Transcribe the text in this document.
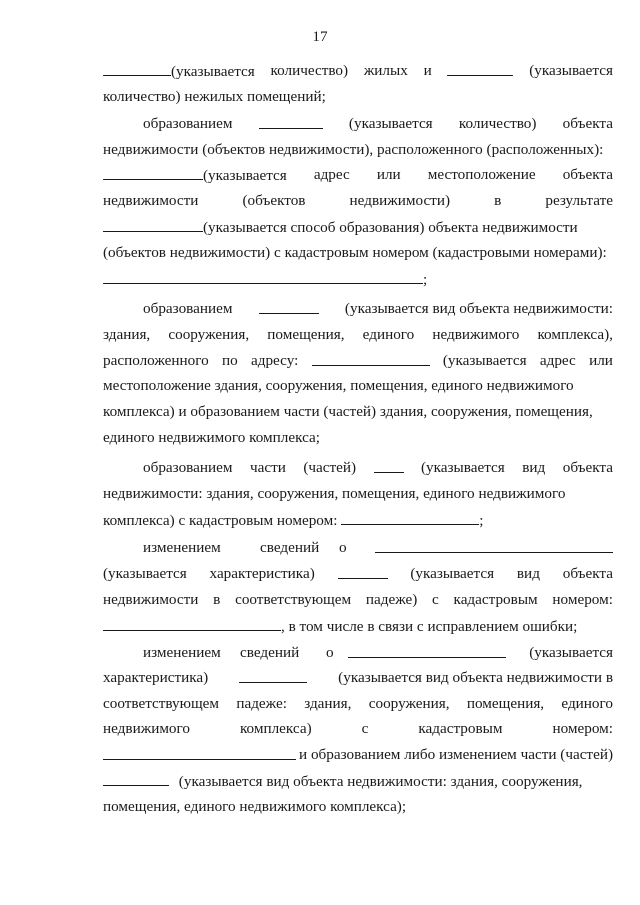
17
(указывается количество) жилых и	(указывается
количество) нежилых помещений;
образованием	(указывается количество) объекта
недвижимости (объектов недвижимости), расположенного (расположенных):
(указывается адрес или местоположение объекта
недвижимости	(объектов	недвижимости)	в	результате
(указывается способ образования) объекта недвижимости
(объектов недвижимости) с кадастровым номером (кадастровыми номерами):
;
образованием	(указывается вид объекта недвижимости:
здания, сооружения, помещения, единого недвижимого комплекса),
расположенного по адресу:	(указывается адрес или
местоположение здания, сооружения, помещения, единого недвижимого
комплекса) и образованием части (частей) здания, сооружения, помещения,
единого недвижимого комплекса;
образованием части (частей)	(указывается вид объекта
недвижимости: здания, сооружения, помещения, единого недвижимого
комплекса) с кадастровым номером:	;
изменением	сведений о
(указывается характеристика)	(указывается вид объекта
недвижимости в соответствующем падеже) с кадастровым номером:
, в том числе в связи с исправлением ошибки;
изменением сведений о	(указывается
характеристика)	(указывается вид объекта недвижимости в
соответствующем падеже: здания, сооружения, помещения, единого
недвижимого	комплекса)	с	кадастровым	номером:
и образованием либо изменением части (частей)
(указывается вид объекта недвижимости: здания, сооружения,
помещения, единого недвижимого комплекса);
